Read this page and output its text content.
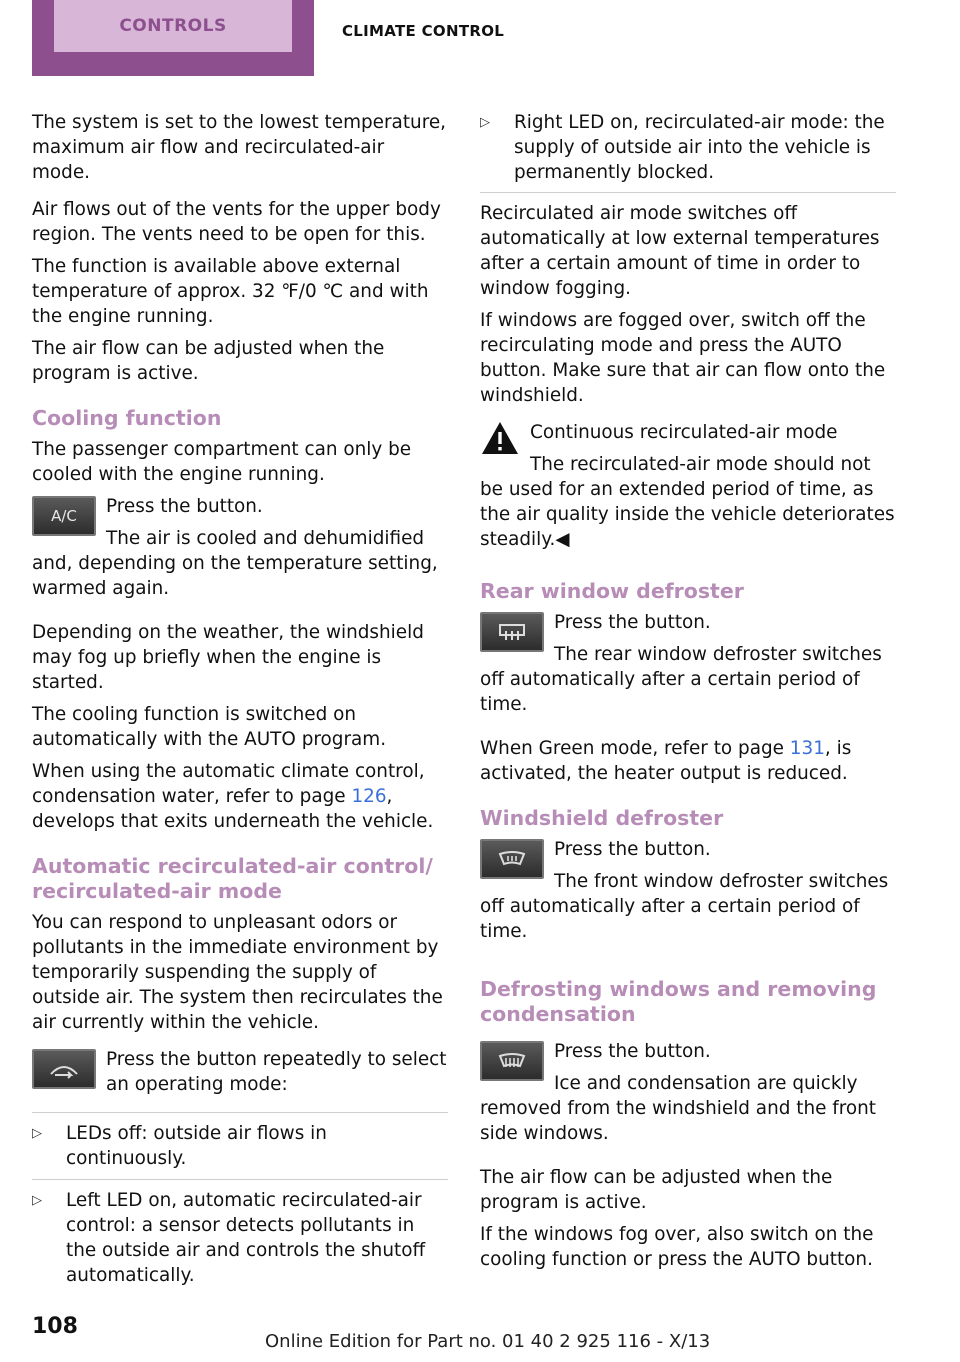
CONTROLS	CLIMATE CONTROL

The system is set to the lowest temperature, maximum air flow and recirculated-air mode.

Air flows out of the vents for the upper body region. The vents need to be open for this.

The function is available above external temperature of approx. 32 ℉/0 ℃ and with the engine running.

The air flow can be adjusted when the program is active.

Cooling function

The passenger compartment can only be cooled with the engine running.

A/C	Press the button.

The air is cooled and dehumidified and, depending on the temperature setting, warmed again.

Depending on the weather, the windshield may fog up briefly when the engine is started.

The cooling function is switched on automatically with the AUTO program.

When using the automatic climate control, condensation water, refer to page 126, develops that exits underneath the vehicle.

Automatic recirculated-air control/ recirculated-air mode

You can respond to unpleasant odors or pollutants in the immediate environment by temporarily suspending the supply of outside air. The system then recirculates the air currently within the vehicle.

Press the button repeatedly to select an operating mode:

▷	LEDs off: outside air flows in continuously.
▷	Left LED on, automatic recirculated-air control: a sensor detects pollutants in the outside air and controls the shutoff automatically.
▷	Right LED on, recirculated-air mode: the supply of outside air into the vehicle is permanently blocked.

Recirculated air mode switches off automatically at low external temperatures after a certain amount of time in order to window fogging.

If windows are fogged over, switch off the recirculating mode and press the AUTO button. Make sure that air can flow onto the windshield.

Continuous recirculated-air mode

The recirculated-air mode should not be used for an extended period of time, as the air quality inside the vehicle deteriorates steadily.◀

Rear window defroster

Press the button.

The rear window defroster switches off automatically after a certain period of time.

When Green mode, refer to page 131, is activated, the heater output is reduced.

Windshield defroster

Press the button.

The front window defroster switches off automatically after a certain period of time.

Defrosting windows and removing condensation

Press the button.

Ice and condensation are quickly removed from the windshield and the front side windows.

The air flow can be adjusted when the program is active.

If the windows fog over, also switch on the cooling function or press the AUTO button.

108
Online Edition for Part no. 01 40 2 925 116 - X/13
